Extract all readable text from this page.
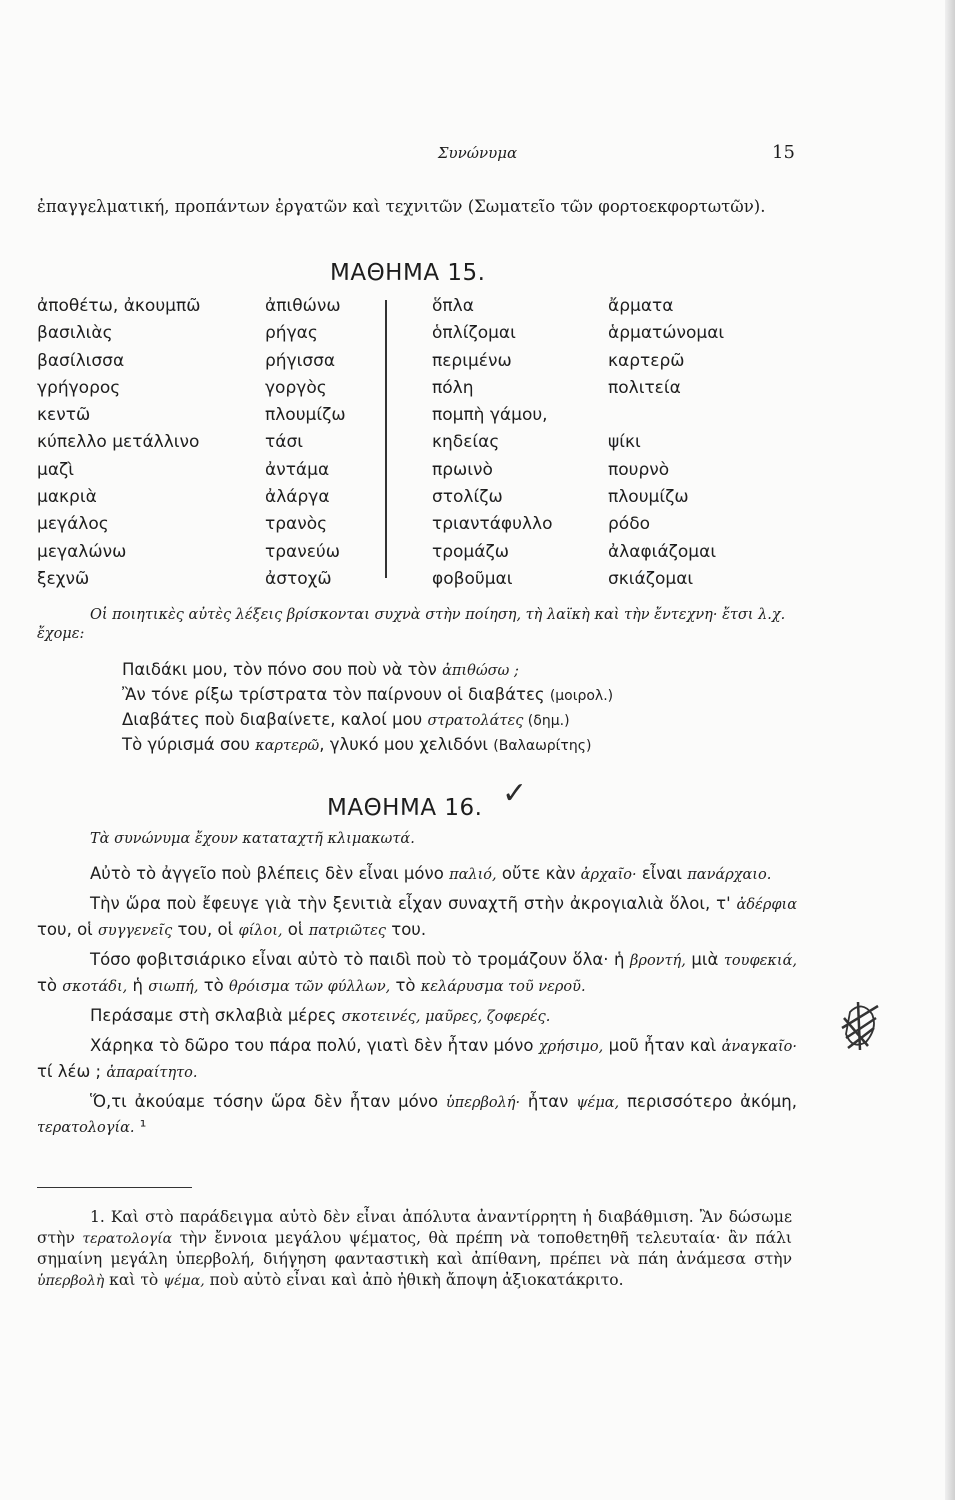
Συνώνυμα	15
ἐπαγγελματική, προπάντων ἐργατῶν καὶ τεχνιτῶν (Σωματεῖο τῶν φορτοεκφορτωτῶν).
ΜΑΘΗΜΑ 15.
ἀποθέτω, ἀκουμπῶ	ἀπιθώνω	ὅπλα	ἄρματα
βασιλιὰς	ρήγας	ὁπλίζομαι	ἁρματώνομαι
βασίλισσα	ρήγισσα	περιμένω	καρτερῶ
γρήγορος	γοργὸς	πόλη	πολιτεία
κεντῶ	πλουμίζω	πομπὴ γάμου,
κύπελλο μετάλλινο	τάσι	κηδείας	ψίκι
μαζὶ	ἀντάμα	πρωινὸ	πουρνὸ
μακριὰ	ἀλάργα	στολίζω	πλουμίζω
μεγάλος	τρανὸς	τριαντάφυλλο	ρόδο
μεγαλώνω	τρανεύω	τρομάζω	ἀλαφιάζομαι
ξεχνῶ	ἀστοχῶ	φοβοῦμαι	σκιάζομαι
Οἱ ποιητικὲς αὐτὲς λέξεις βρίσκονται συχνὰ στὴν ποίηση, τὴ λαϊκὴ καὶ τὴν ἔντεχνη· ἔτσι λ.χ. ἔχομε:
Παιδάκι μου, τὸν πόνο σου ποὺ νὰ τὸν ἀπιθώσω ;
Ἂν τόνε ρίξω τρίστρατα τὸν παίρνουν οἱ διαβάτες (μοιρολ.)
Διαβάτες ποὺ διαβαίνετε, καλοί μου στρατολάτες (δημ.)
Τὸ γύρισμά σου καρτερῶ, γλυκό μου χελιδόνι (Βαλαωρίτης)
ΜΑΘΗΜΑ 16. ✓
Τὰ συνώνυμα ἔχουν καταταχτῆ κλιμακωτά.

Αὐτὸ τὸ ἀγγεῖο ποὺ βλέπεις δὲν εἶναι μόνο παλιό, οὔτε κὰν ἀρχαῖο· εἶναι πανάρχαιο.

Τὴν ὥρα ποὺ ἔφευγε γιὰ τὴν ξενιτιὰ εἶχαν συναχτῆ στὴν ἀκρογιαλιὰ ὅλοι, τ' ἀδέρφια του, οἱ συγγενεῖς του, οἱ φίλοι, οἱ πατριῶτες του.

Τόσο φοβιτσιάρικο εἶναι αὐτὸ τὸ παιδὶ ποὺ τὸ τρομάζουν ὅλα· ἡ βροντή, μιὰ τουφεκιά, τὸ σκοτάδι, ἡ σιωπή, τὸ θρόισμα τῶν φύλλων, τὸ κελάρυσμα τοῦ νεροῦ.

Περάσαμε στὴ σκλαβιὰ μέρες σκοτεινές, μαῦρες, ζοφερές.

Χάρηκα τὸ δῶρο του πάρα πολύ, γιατὶ δὲν ἦταν μόνο χρήσιμο, μοῦ ἦταν καὶ ἀναγκαῖο· τί λέω ; ἀπαραίτητο.

Ὅ,τι ἀκούαμε τόσην ὥρα δὲν ἦταν μόνο ὑπερβολή· ἦταν ψέμα, περισσότερο ἀκόμη, τερατολογία. ¹

1. Καὶ στὸ παράδειγμα αὐτὸ δὲν εἶναι ἀπόλυτα ἀναντίρρητη ἡ διαβάθμιση. Ἂν δώσωμε στὴν τερατολογία τὴν ἔννοια μεγάλου ψέματος, θὰ πρέπη νὰ τοποθετηθῆ τελευταία· ἂν πάλι σημαίνη μεγάλη ὑπερβολή, διήγηση φανταστικὴ καὶ ἀπίθανη, πρέπει νὰ πάη ἀνάμεσα στὴν ὑπερβολὴ καὶ τὸ ψέμα, ποὺ αὐτὸ εἶναι καὶ ἀπὸ ἠθικὴ ἄποψη ἀξιοκατάκριτο.
